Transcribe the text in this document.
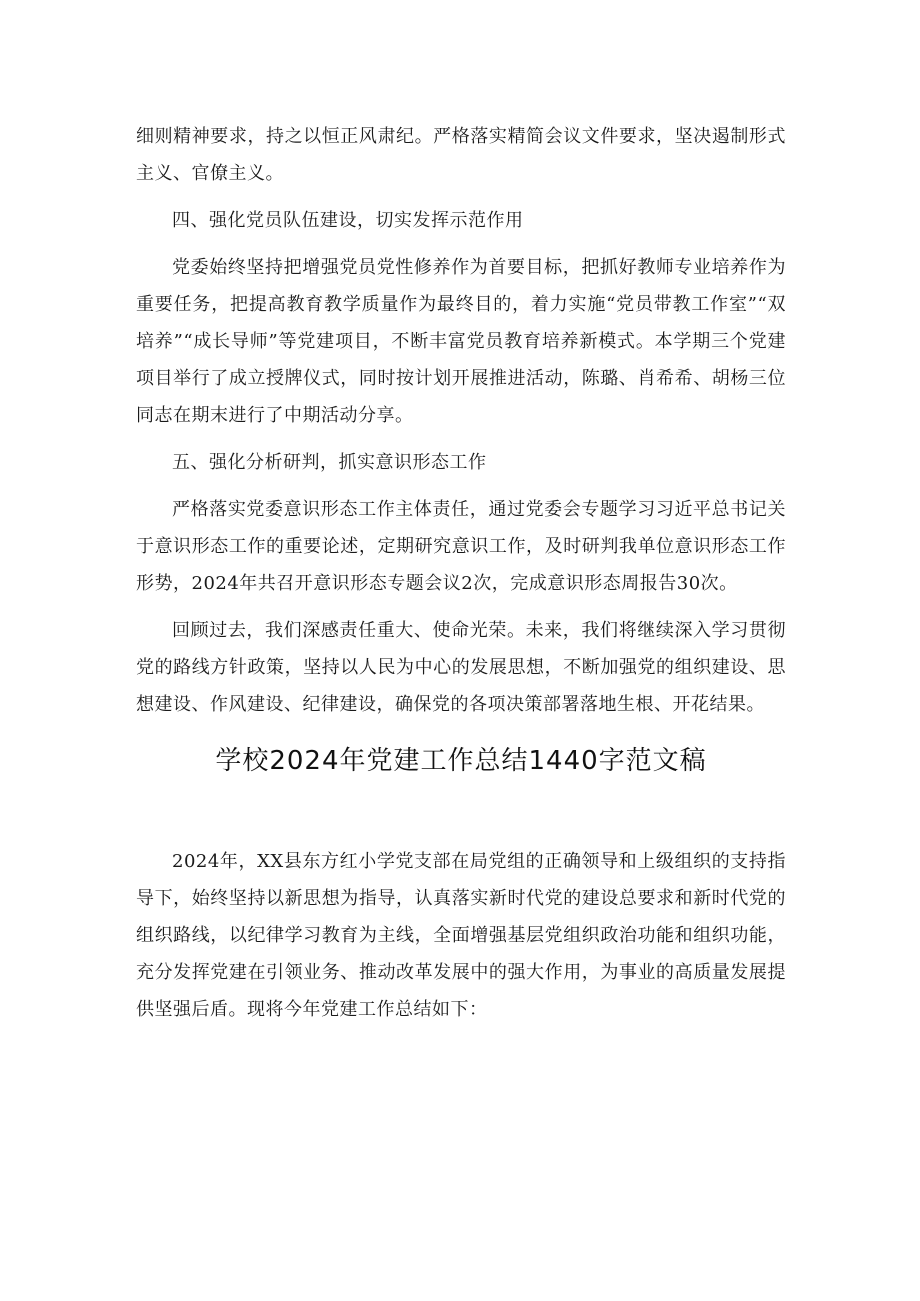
细则精神要求，持之以恒正风肃纪。严格落实精简会议文件要求，坚决遏制形式主义、官僚主义。

四、强化党员队伍建设，切实发挥示范作用

党委始终坚持把增强党员党性修养作为首要目标，把抓好教师专业培养作为重要任务，把提高教育教学质量作为最终目的，着力实施“党员带教工作室”“双培养”“成长导师”等党建项目，不断丰富党员教育培养新模式。本学期三个党建项目举行了成立授牌仪式，同时按计划开展推进活动，陈璐、肖希希、胡杨三位同志在期末进行了中期活动分享。

五、强化分析研判，抓实意识形态工作

严格落实党委意识形态工作主体责任，通过党委会专题学习习近平总书记关于意识形态工作的重要论述，定期研究意识工作，及时研判我单位意识形态工作形势，2024年共召开意识形态专题会议2次，完成意识形态周报告30次。

回顾过去，我们深感责任重大、使命光荣。未来，我们将继续深入学习贯彻党的路线方针政策，坚持以人民为中心的发展思想，不断加强党的组织建设、思想建设、作风建设、纪律建设，确保党的各项决策部署落地生根、开花结果。

学校2024年党建工作总结1440字范文稿

2024年，XX县东方红小学党支部在局党组的正确领导和上级组织的支持指导下，始终坚持以新思想为指导，认真落实新时代党的建设总要求和新时代党的组织路线，以纪律学习教育为主线，全面增强基层党组织政治功能和组织功能，充分发挥党建在引领业务、推动改革发展中的强大作用，为事业的高质量发展提供坚强后盾。现将今年党建工作总结如下：
